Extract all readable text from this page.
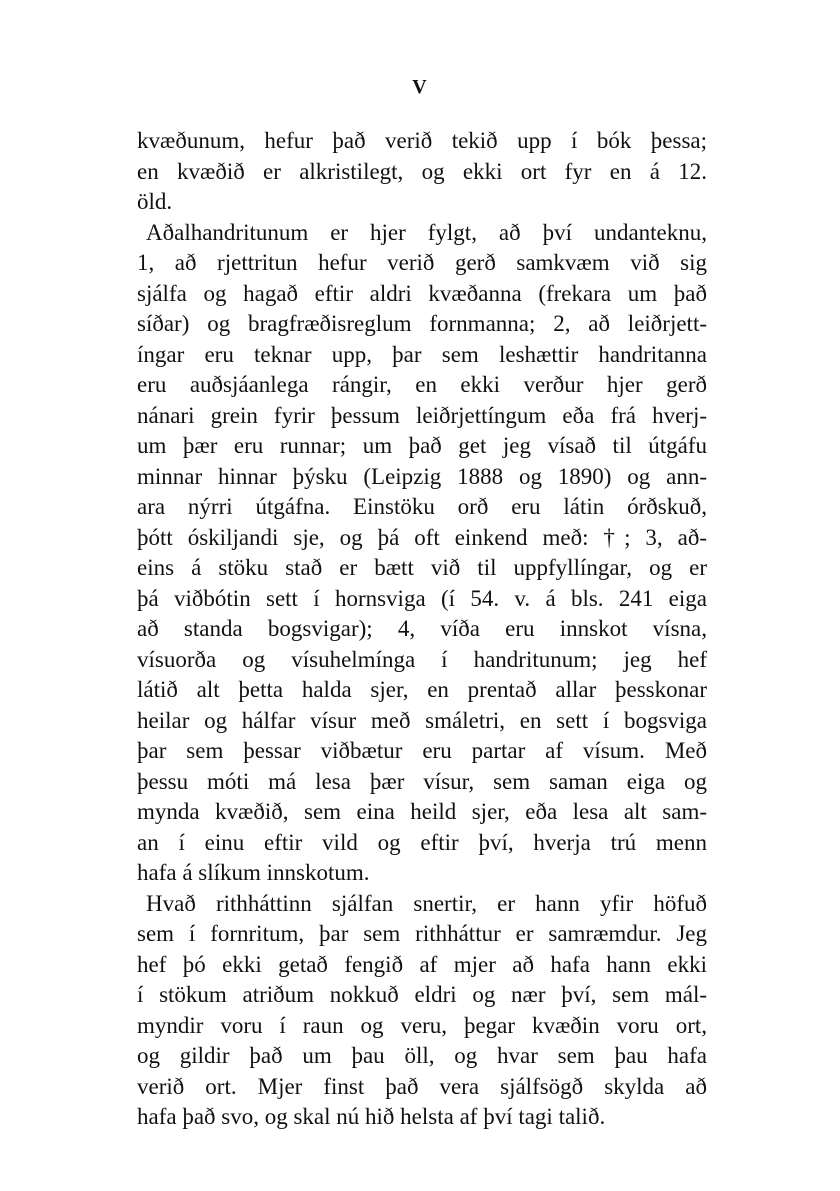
V
kvæðunum, hefur það verið tekið upp í bók þessa;
en kvæðið er alkristilegt, og ekki ort fyr en á 12.
öld.
Aðalhandritunum er hjer fylgt, að því undanteknu,
1, að rjettritun hefur verið gerð samkvæm við sig
sjálfa og hagað eftir aldri kvæðanna (frekara um það
síðar) og bragfræðisreglum fornmanna; 2, að leiðrjett-
íngar eru teknar upp, þar sem leshættir handritanna
eru auðsjáanlega rángir, en ekki verður hjer gerð
nánari grein fyrir þessum leiðrjettíngum eða frá hverj-
um þær eru runnar; um það get jeg vísað til útgáfu
minnar hinnar þýsku (Leipzig 1888 og 1890) og ann-
ara nýrri útgáfna. Einstöku orð eru látin órðskuð,
þótt óskiljandi sje, og þá oft einkend með: †; 3, að-
eins á stöku stað er bætt við til uppfyllíngar, og er
þá viðbótin sett í hornsviga (í 54. v. á bls. 241 eiga
að standa bogsvigar); 4, víða eru innskot vísna,
vísuorða og vísuhelmínga í handritunum; jeg hef
látið alt þetta halda sjer, en prentað allar þesskonar
heilar og hálfar vísur með smáletri, en sett í bogsviga
þar sem þessar viðbætur eru partar af vísum. Með
þessu móti má lesa þær vísur, sem saman eiga og
mynda kvæðið, sem eina heild sjer, eða lesa alt sam-
an í einu eftir vild og eftir því, hverja trú menn
hafa á slíkum innskotum.
Hvað rithháttinn sjálfan snertir, er hann yfir höfuð
sem í fornritum, þar sem rithháttur er samræmdur. Jeg
hef þó ekki getað fengið af mjer að hafa hann ekki
í stökum atriðum nokkuð eldri og nær því, sem mál-
myndir voru í raun og veru, þegar kvæðin voru ort,
og gildir það um þau öll, og hvar sem þau hafa
verið ort. Mjer finst það vera sjálfsögð skylda að
hafa það svo, og skal nú hið helsta af því tagi talið.
